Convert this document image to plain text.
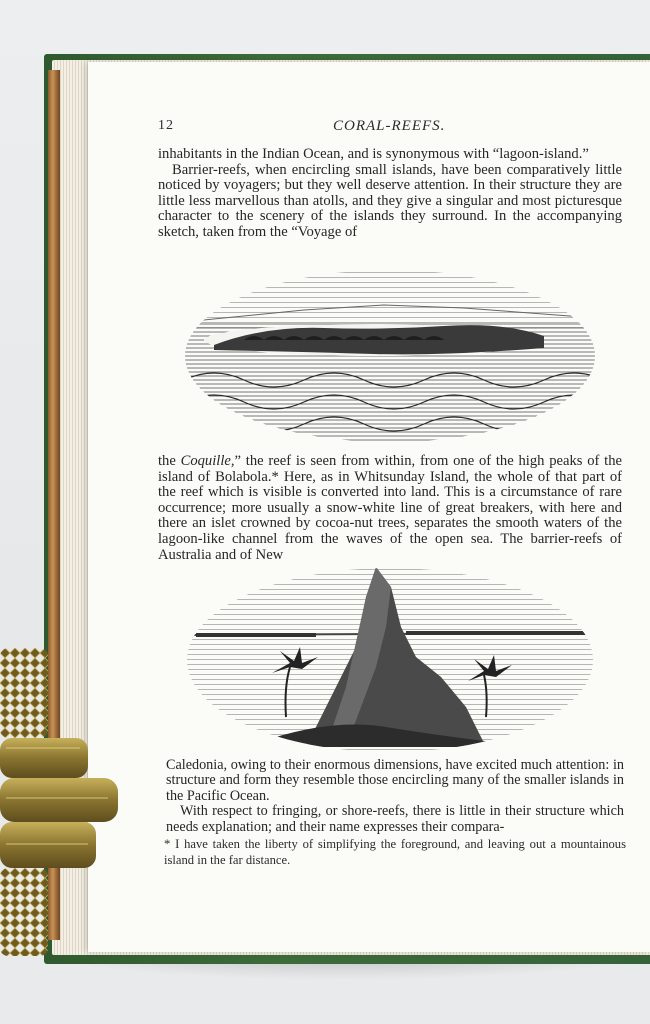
12	CORAL-REEFS.

inhabitants in the Indian Ocean, and is synonymous with “lagoon-island.”

Barrier-reefs, when encircling small islands, have been comparatively little noticed by voyagers; but they well deserve attention. In their structure they are little less marvellous than atolls, and they give a singular and most picturesque character to the scenery of the islands they surround. In the accompanying sketch, taken from the “Voyage of

the Coquille,” the reef is seen from within, from one of the high peaks of the island of Bolabola.* Here, as in Whitsunday Island, the whole of that part of the reef which is visible is converted into land. This is a circumstance of rare occurrence; more usually a snow-white line of great breakers, with here and there an islet crowned by cocoa-nut trees, separates the smooth waters of the lagoon-like channel from the waves of the open sea. The barrier-reefs of Australia and of New

Caledonia, owing to their enormous dimensions, have excited much attention: in structure and form they resemble those encircling many of the smaller islands in the Pacific Ocean.

With respect to fringing, or shore-reefs, there is little in their structure which needs explanation; and their name expresses their compara-

* I have taken the liberty of simplifying the foreground, and leaving out a mountainous island in the far distance.
